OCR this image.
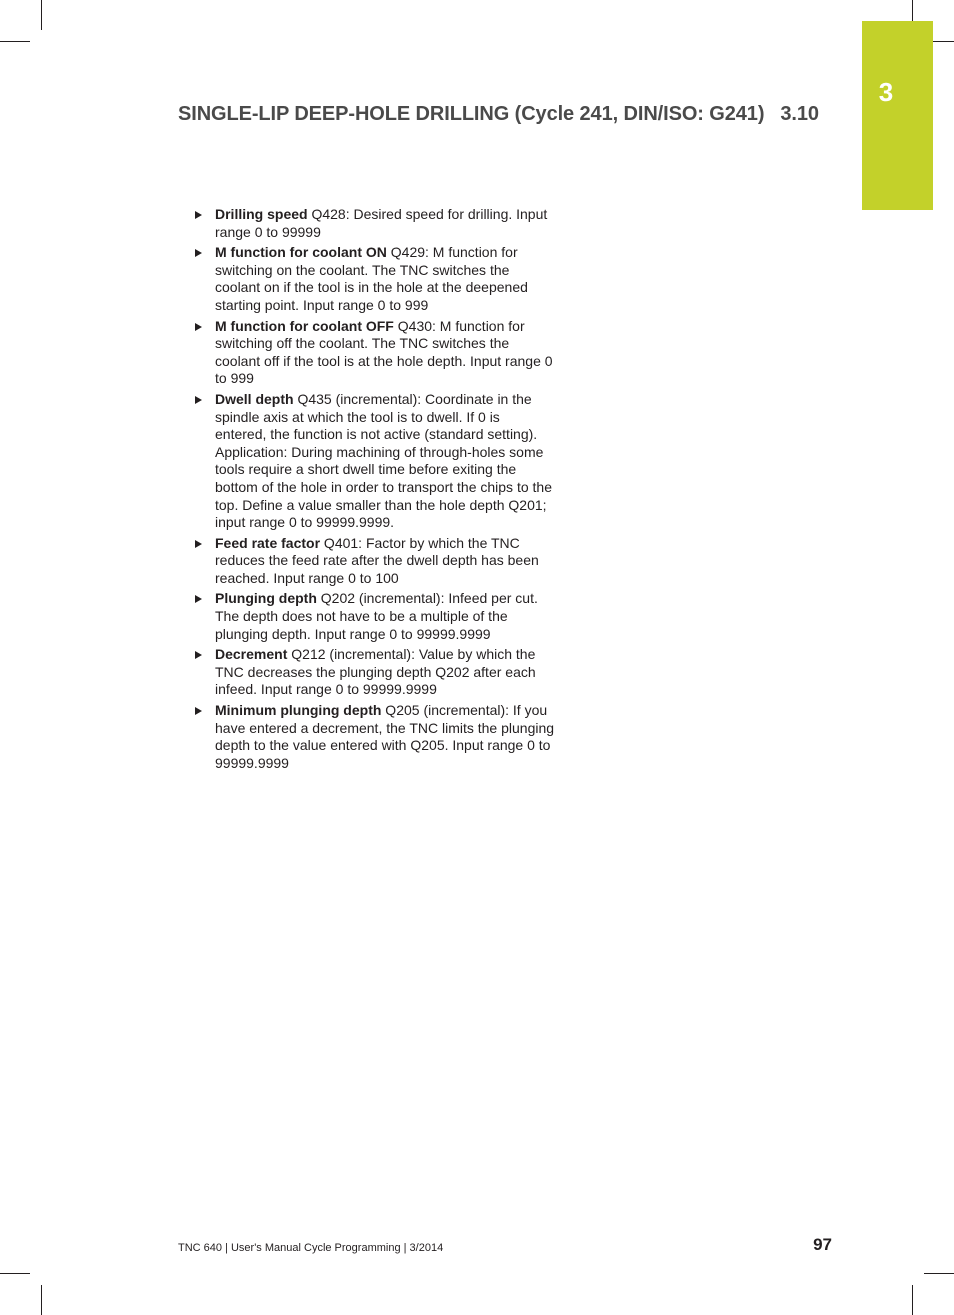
3
SINGLE-LIP DEEP-HOLE DRILLING (Cycle 241, DIN/ISO: G241) 3.10
Drilling speed Q428: Desired speed for drilling. Input range 0 to 99999
M function for coolant ON Q429: M function for switching on the coolant. The TNC switches the coolant on if the tool is in the hole at the deepened starting point. Input range 0 to 999
M function for coolant OFF Q430: M function for switching off the coolant. The TNC switches the coolant off if the tool is at the hole depth. Input range 0 to 999
Dwell depth Q435 (incremental): Coordinate in the spindle axis at which the tool is to dwell. If 0 is entered, the function is not active (standard setting). Application: During machining of through-holes some tools require a short dwell time before exiting the bottom of the hole in order to transport the chips to the top. Define a value smaller than the hole depth Q201; input range 0 to 99999.9999.
Feed rate factor Q401: Factor by which the TNC reduces the feed rate after the dwell depth has been reached. Input range 0 to 100
Plunging depth Q202 (incremental): Infeed per cut. The depth does not have to be a multiple of the plunging depth. Input range 0 to 99999.9999
Decrement Q212 (incremental): Value by which the TNC decreases the plunging depth Q202 after each infeed. Input range 0 to 99999.9999
Minimum plunging depth Q205 (incremental): If you have entered a decrement, the TNC limits the plunging depth to the value entered with Q205. Input range 0 to 99999.9999
TNC 640 | User's Manual Cycle Programming | 3/2014	97
